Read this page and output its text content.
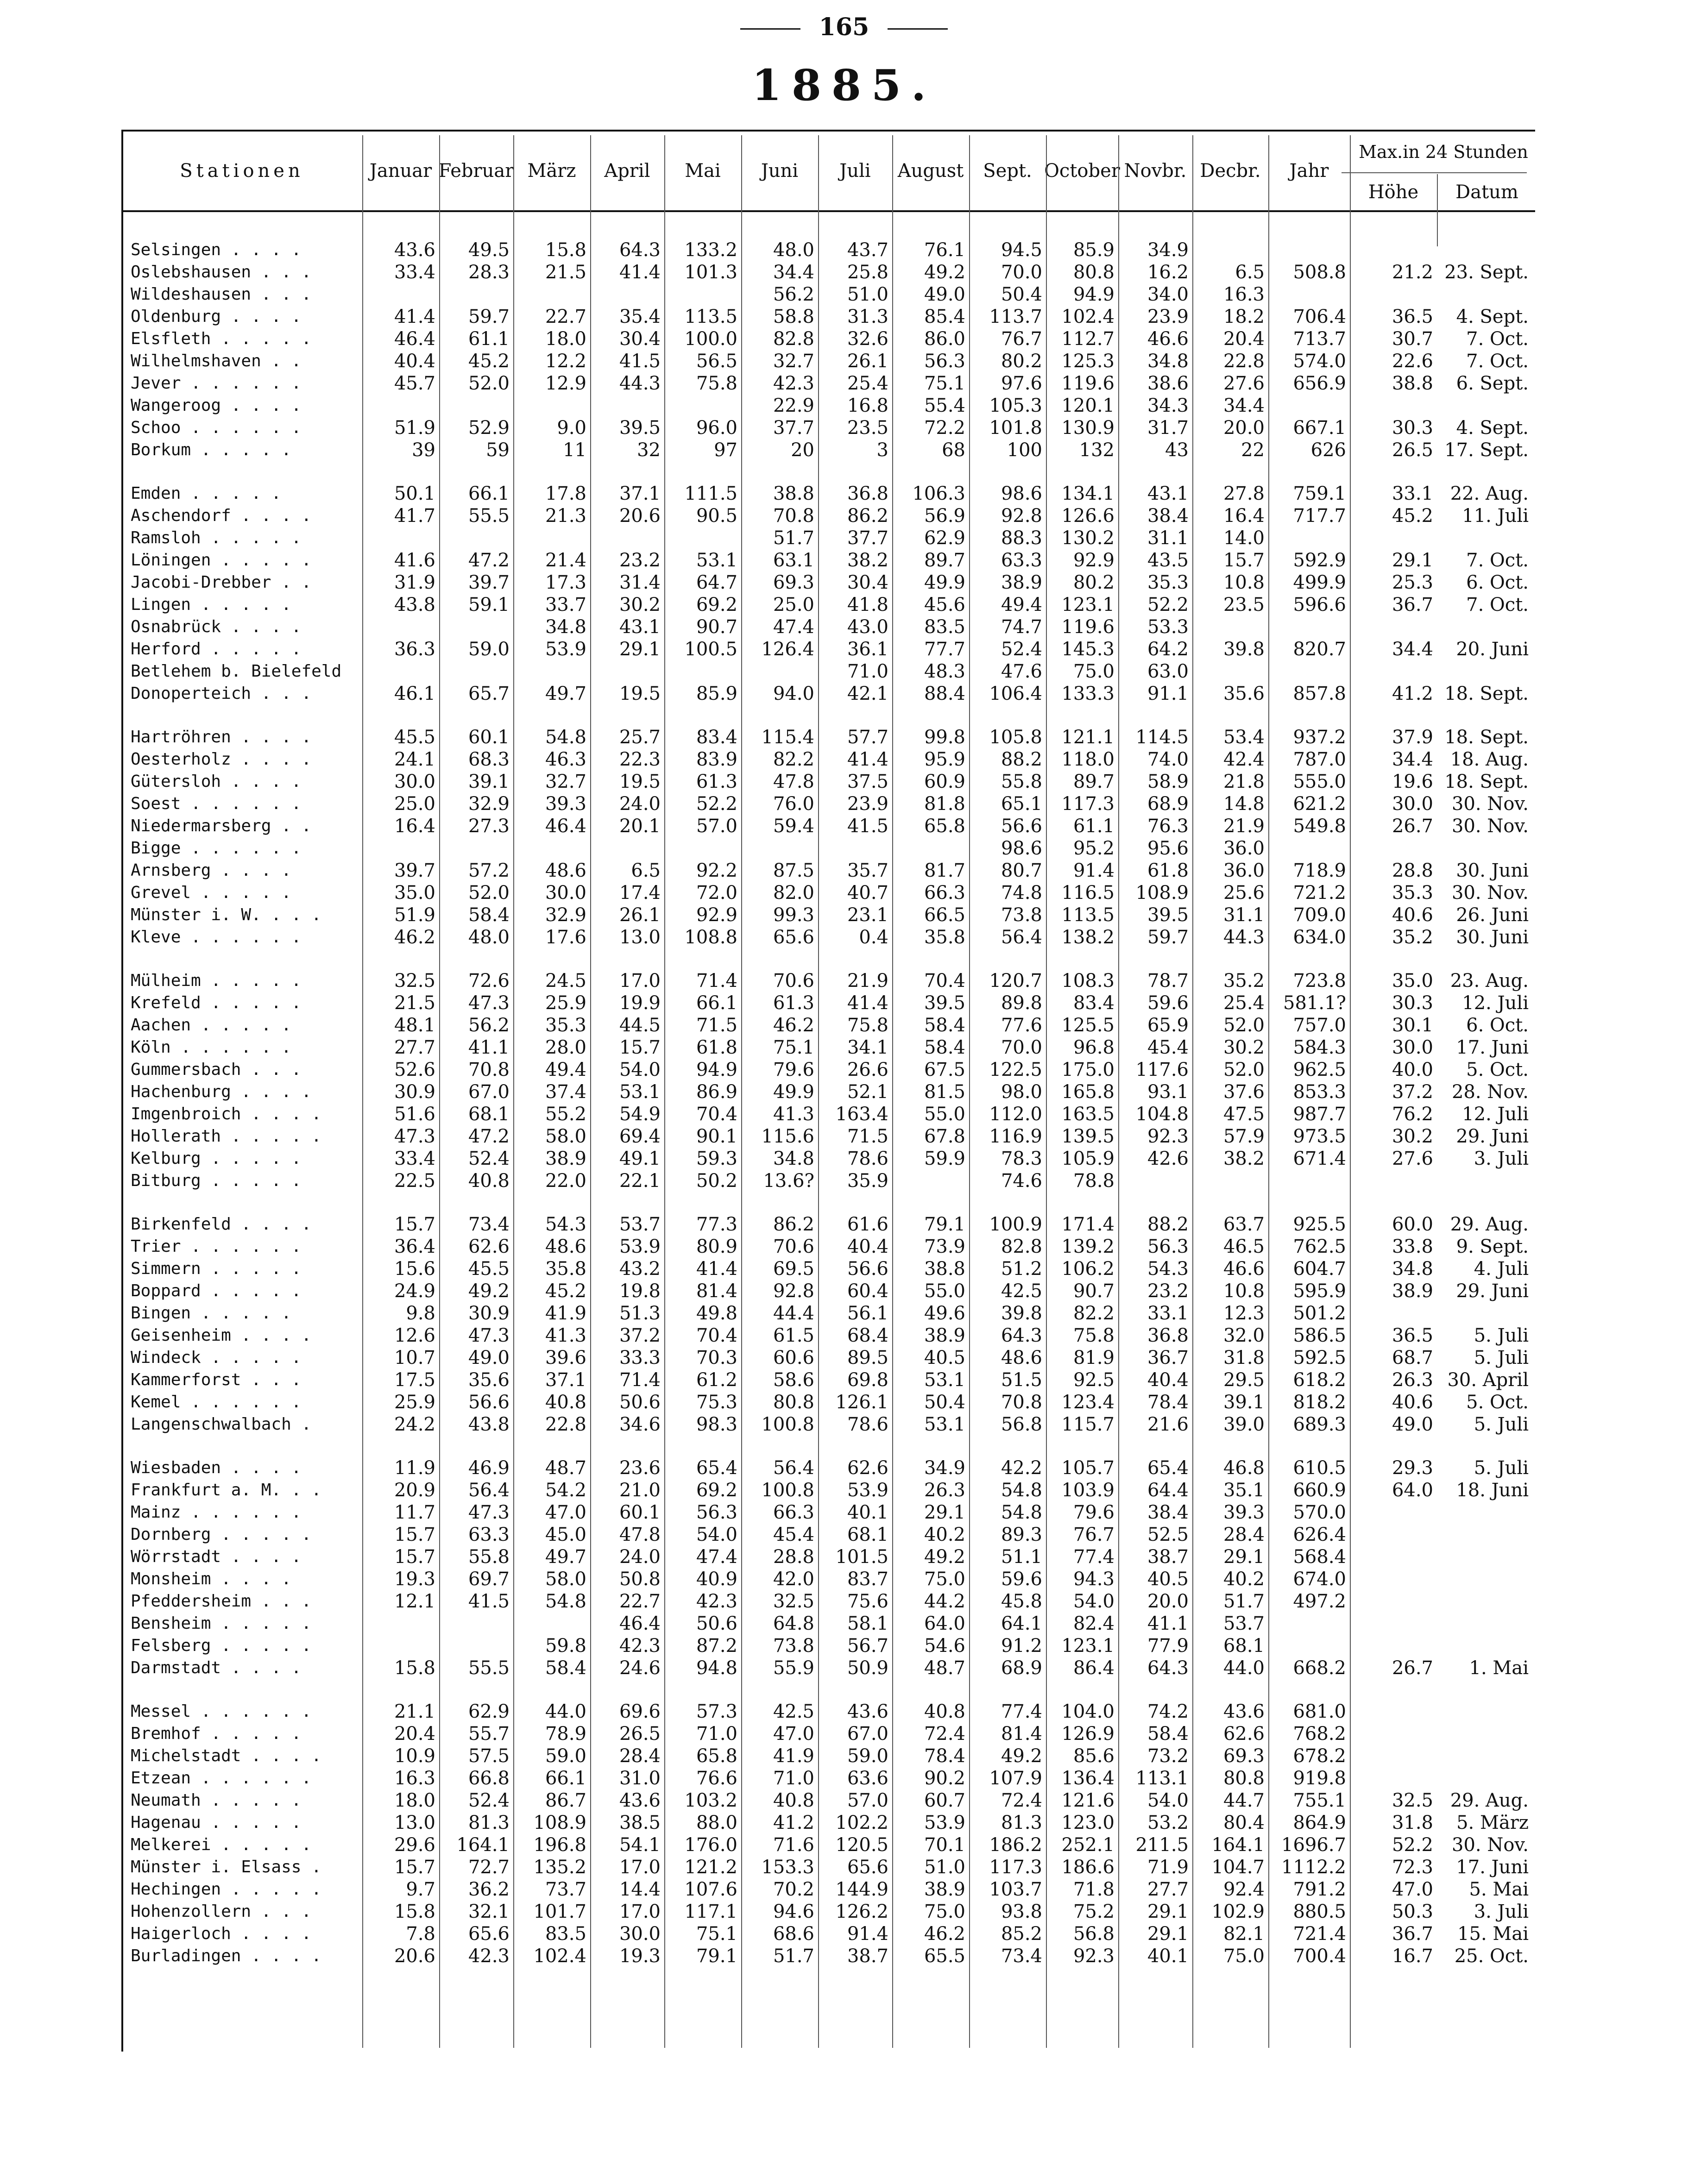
165
1885.
Stationen	Januar Februar März	April	Mai	Juni	Juli	August	Sept. October Novbr. Decbr.	Jahr
Max.in 24 Stunden
Höhe	Datum
Selsingen . . . .	43.6	49.5	15.8	64.3	133.2	48.0	43.7	76.1	94.5	85.9	34.9				
Oslebshausen . . .	33.4	28.3	21.5	41.4	101.3	34.4	25.8	49.2	70.0	80.8	16.2	6.5	508.8	21.2	23. Sept.
Wildeshausen . . .						56.2	51.0	49.0	50.4	94.9	34.0	16.3			
Oldenburg . . . .	41.4	59.7	22.7	35.4	113.5	58.8	31.3	85.4	113.7	102.4	23.9	18.2	706.4	36.5	4. Sept.
Elsfleth . . . . .	46.4	61.1	18.0	30.4	100.0	82.8	32.6	86.0	76.7	112.7	46.6	20.4	713.7	30.7	7. Oct.
Wilhelmshaven . .	40.4	45.2	12.2	41.5	56.5	32.7	26.1	56.3	80.2	125.3	34.8	22.8	574.0	22.6	7. Oct.
Jever . . . . . .	45.7	52.0	12.9	44.3	75.8	42.3	25.4	75.1	97.6	119.6	38.6	27.6	656.9	38.8	6. Sept.
Wangeroog . . . .						22.9	16.8	55.4	105.3	120.1	34.3	34.4			
Schoo . . . . . .	51.9	52.9	9.0	39.5	96.0	37.7	23.5	72.2	101.8	130.9	31.7	20.0	667.1	30.3	4. Sept.
Borkum . . . . .	39	59	11	32	97	20	3	68	100	132	43	22	626	26.5	17. Sept.

Emden . . . . .	50.1	66.1	17.8	37.1	111.5	38.8	36.8	106.3	98.6	134.1	43.1	27.8	759.1	33.1	22. Aug.
Aschendorf . . . .	41.7	55.5	21.3	20.6	90.5	70.8	86.2	56.9	92.8	126.6	38.4	16.4	717.7	45.2	11. Juli
Ramsloh . . . . .						51.7	37.7	62.9	88.3	130.2	31.1	14.0			
Löningen . . . . .	41.6	47.2	21.4	23.2	53.1	63.1	38.2	89.7	63.3	92.9	43.5	15.7	592.9	29.1	7. Oct.
Jacobi-Drebber . .	31.9	39.7	17.3	31.4	64.7	69.3	30.4	49.9	38.9	80.2	35.3	10.8	499.9	25.3	6. Oct.
Lingen . . . . .	43.8	59.1	33.7	30.2	69.2	25.0	41.8	45.6	49.4	123.1	52.2	23.5	596.6	36.7	7. Oct.
Osnabrück . . . .			34.8	43.1	90.7	47.4	43.0	83.5	74.7	119.6	53.3				
Herford . . . . .	36.3	59.0	53.9	29.1	100.5	126.4	36.1	77.7	52.4	145.3	64.2	39.8	820.7	34.4	20. Juni
Betlehem b. Bielefeld							71.0	48.3	47.6	75.0	63.0				
Donoperteich . . .	46.1	65.7	49.7	19.5	85.9	94.0	42.1	88.4	106.4	133.3	91.1	35.6	857.8	41.2	18. Sept.

Hartröhren . . . .	45.5	60.1	54.8	25.7	83.4	115.4	57.7	99.8	105.8	121.1	114.5	53.4	937.2	37.9	18. Sept.
Oesterholz . . . .	24.1	68.3	46.3	22.3	83.9	82.2	41.4	95.9	88.2	118.0	74.0	42.4	787.0	34.4	18. Aug.
Gütersloh . . . .	30.0	39.1	32.7	19.5	61.3	47.8	37.5	60.9	55.8	89.7	58.9	21.8	555.0	19.6	18. Sept.
Soest . . . . . .	25.0	32.9	39.3	24.0	52.2	76.0	23.9	81.8	65.1	117.3	68.9	14.8	621.2	30.0	30. Nov.
Niedermarsberg . .	16.4	27.3	46.4	20.1	57.0	59.4	41.5	65.8	56.6	61.1	76.3	21.9	549.8	26.7	30. Nov.
Bigge . . . . . .									98.6	95.2	95.6	36.0			
Arnsberg . . . .	39.7	57.2	48.6	6.5	92.2	87.5	35.7	81.7	80.7	91.4	61.8	36.0	718.9	28.8	30. Juni
Grevel . . . . .	35.0	52.0	30.0	17.4	72.0	82.0	40.7	66.3	74.8	116.5	108.9	25.6	721.2	35.3	30. Nov.
Münster i. W. . . .	51.9	58.4	32.9	26.1	92.9	99.3	23.1	66.5	73.8	113.5	39.5	31.1	709.0	40.6	26. Juni
Kleve . . . . . .	46.2	48.0	17.6	13.0	108.8	65.6	0.4	35.8	56.4	138.2	59.7	44.3	634.0	35.2	30. Juni

Mülheim . . . . .	32.5	72.6	24.5	17.0	71.4	70.6	21.9	70.4	120.7	108.3	78.7	35.2	723.8	35.0	23. Aug.
Krefeld . . . . .	21.5	47.3	25.9	19.9	66.1	61.3	41.4	39.5	89.8	83.4	59.6	25.4	581.1?	30.3	12. Juli
Aachen . . . . .	48.1	56.2	35.3	44.5	71.5	46.2	75.8	58.4	77.6	125.5	65.9	52.0	757.0	30.1	6. Oct.
Köln . . . . . .	27.7	41.1	28.0	15.7	61.8	75.1	34.1	58.4	70.0	96.8	45.4	30.2	584.3	30.0	17. Juni
Gummersbach . . .	52.6	70.8	49.4	54.0	94.9	79.6	26.6	67.5	122.5	175.0	117.6	52.0	962.5	40.0	5. Oct.
Hachenburg . . . .	30.9	67.0	37.4	53.1	86.9	49.9	52.1	81.5	98.0	165.8	93.1	37.6	853.3	37.2	28. Nov.
Imgenbroich . . . .	51.6	68.1	55.2	54.9	70.4	41.3	163.4	55.0	112.0	163.5	104.8	47.5	987.7	76.2	12. Juli
Hollerath . . . . .	47.3	47.2	58.0	69.4	90.1	115.6	71.5	67.8	116.9	139.5	92.3	57.9	973.5	30.2	29. Juni
Kelburg . . . . .	33.4	52.4	38.9	49.1	59.3	34.8	78.6	59.9	78.3	105.9	42.6	38.2	671.4	27.6	3. Juli
Bitburg . . . . .	22.5	40.8	22.0	22.1	50.2	13.6?	35.9		74.6	78.8					

Birkenfeld . . . .	15.7	73.4	54.3	53.7	77.3	86.2	61.6	79.1	100.9	171.4	88.2	63.7	925.5	60.0	29. Aug.
Trier . . . . . .	36.4	62.6	48.6	53.9	80.9	70.6	40.4	73.9	82.8	139.2	56.3	46.5	762.5	33.8	9. Sept.
Simmern . . . . .	15.6	45.5	35.8	43.2	41.4	69.5	56.6	38.8	51.2	106.2	54.3	46.6	604.7	34.8	4. Juli
Boppard . . . . .	24.9	49.2	45.2	19.8	81.4	92.8	60.4	55.0	42.5	90.7	23.2	10.8	595.9	38.9	29. Juni
Bingen . . . . .	9.8	30.9	41.9	51.3	49.8	44.4	56.1	49.6	39.8	82.2	33.1	12.3	501.2		
Geisenheim . . . .	12.6	47.3	41.3	37.2	70.4	61.5	68.4	38.9	64.3	75.8	36.8	32.0	586.5	36.5	5. Juli
Windeck . . . . .	10.7	49.0	39.6	33.3	70.3	60.6	89.5	40.5	48.6	81.9	36.7	31.8	592.5	68.7	5. Juli
Kammerforst . . .	17.5	35.6	37.1	71.4	61.2	58.6	69.8	53.1	51.5	92.5	40.4	29.5	618.2	26.3	30. April
Kemel . . . . . .	25.9	56.6	40.8	50.6	75.3	80.8	126.1	50.4	70.8	123.4	78.4	39.1	818.2	40.6	5. Oct.
Langenschwalbach .	24.2	43.8	22.8	34.6	98.3	100.8	78.6	53.1	56.8	115.7	21.6	39.0	689.3	49.0	5. Juli

Wiesbaden . . . .	11.9	46.9	48.7	23.6	65.4	56.4	62.6	34.9	42.2	105.7	65.4	46.8	610.5	29.3	5. Juli
Frankfurt a. M. . .	20.9	56.4	54.2	21.0	69.2	100.8	53.9	26.3	54.8	103.9	64.4	35.1	660.9	64.0	18. Juni
Mainz . . . . . .	11.7	47.3	47.0	60.1	56.3	66.3	40.1	29.1	54.8	79.6	38.4	39.3	570.0		
Dornberg . . . . .	15.7	63.3	45.0	47.8	54.0	45.4	68.1	40.2	89.3	76.7	52.5	28.4	626.4		
Wörrstadt . . . .	15.7	55.8	49.7	24.0	47.4	28.8	101.5	49.2	51.1	77.4	38.7	29.1	568.4		
Monsheim . . . .	19.3	69.7	58.0	50.8	40.9	42.0	83.7	75.0	59.6	94.3	40.5	40.2	674.0		
Pfeddersheim . . .	12.1	41.5	54.8	22.7	42.3	32.5	75.6	44.2	45.8	54.0	20.0	51.7	497.2		
Bensheim . . . . .				46.4	50.6	64.8	58.1	64.0	64.1	82.4	41.1	53.7			
Felsberg . . . . .			59.8	42.3	87.2	73.8	56.7	54.6	91.2	123.1	77.9	68.1			
Darmstadt . . . .	15.8	55.5	58.4	24.6	94.8	55.9	50.9	48.7	68.9	86.4	64.3	44.0	668.2	26.7	1. Mai

Messel . . . . . .	21.1	62.9	44.0	69.6	57.3	42.5	43.6	40.8	77.4	104.0	74.2	43.6	681.0		
Bremhof . . . . .	20.4	55.7	78.9	26.5	71.0	47.0	67.0	72.4	81.4	126.9	58.4	62.6	768.2		
Michelstadt . . . .	10.9	57.5	59.0	28.4	65.8	41.9	59.0	78.4	49.2	85.6	73.2	69.3	678.2		
Etzean . . . . . .	16.3	66.8	66.1	31.0	76.6	71.0	63.6	90.2	107.9	136.4	113.1	80.8	919.8		
Neumath . . . . .	18.0	52.4	86.7	43.6	103.2	40.8	57.0	60.7	72.4	121.6	54.0	44.7	755.1	32.5	29. Aug.
Hagenau . . . . .	13.0	81.3	108.9	38.5	88.0	41.2	102.2	53.9	81.3	123.0	53.2	80.4	864.9	31.8	5. März
Melkerei . . . . .	29.6	164.1	196.8	54.1	176.0	71.6	120.5	70.1	186.2	252.1	211.5	164.1	1696.7	52.2	30. Nov.
Münster i. Elsass .	15.7	72.7	135.2	17.0	121.2	153.3	65.6	51.0	117.3	186.6	71.9	104.7	1112.2	72.3	17. Juni
Hechingen . . . . .	9.7	36.2	73.7	14.4	107.6	70.2	144.9	38.9	103.7	71.8	27.7	92.4	791.2	47.0	5. Mai
Hohenzollern . . .	15.8	32.1	101.7	17.0	117.1	94.6	126.2	75.0	93.8	75.2	29.1	102.9	880.5	50.3	3. Juli
Haigerloch . . . .	7.8	65.6	83.5	30.0	75.1	68.6	91.4	46.2	85.2	56.8	29.1	82.1	721.4	36.7	15. Mai
Burladingen . . . .	20.6	42.3	102.4	19.3	79.1	51.7	38.7	65.5	73.4	92.3	40.1	75.0	700.4	16.7	25. Oct.
